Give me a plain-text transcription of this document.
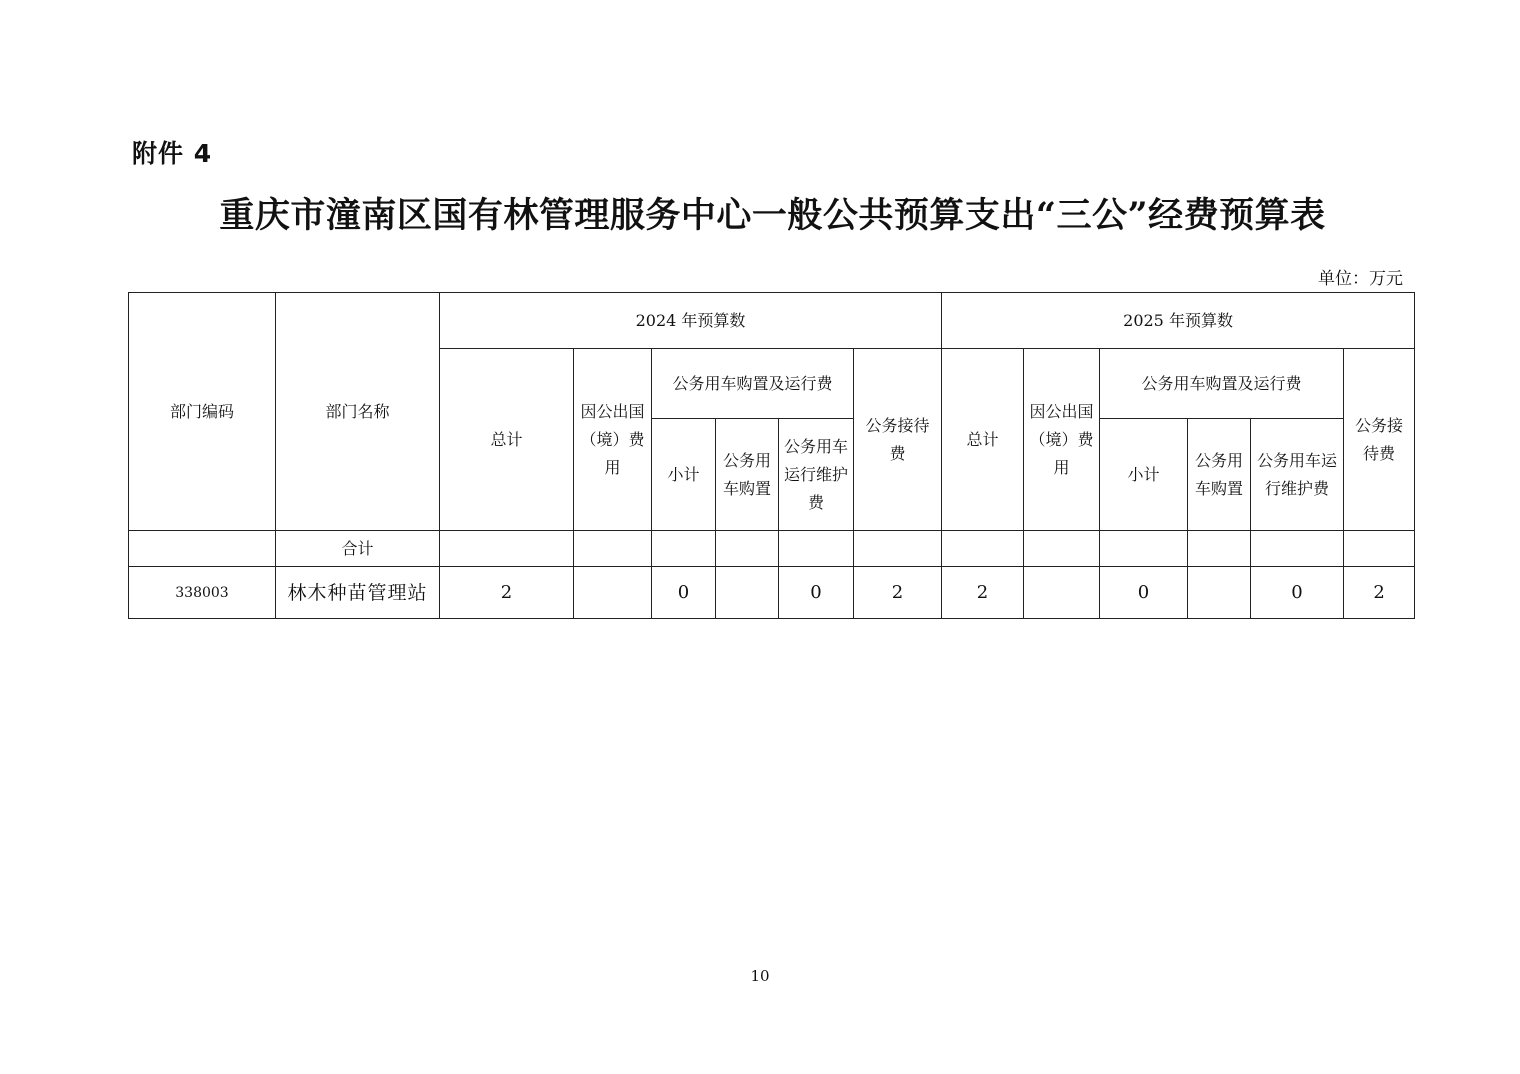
附件 4
重庆市潼南区国有林管理服务中心一般公共预算支出“三公”经费预算表
单位：万元
部门编码	部门名称	2024 年预算数						2025 年预算数					
		总计	因公出国（境）费用	公务用车购置及运行费			公务接待费	总计	因公出国（境）费用	公务用车购置及运行费			公务接待费
				小计	公务用车购置	公务用车运行维护费				小计	公务用车购置	公务用车运行维护费	
	合计												
338003	林木种苗管理站	2		0		0	2	2		0		0	2
10
